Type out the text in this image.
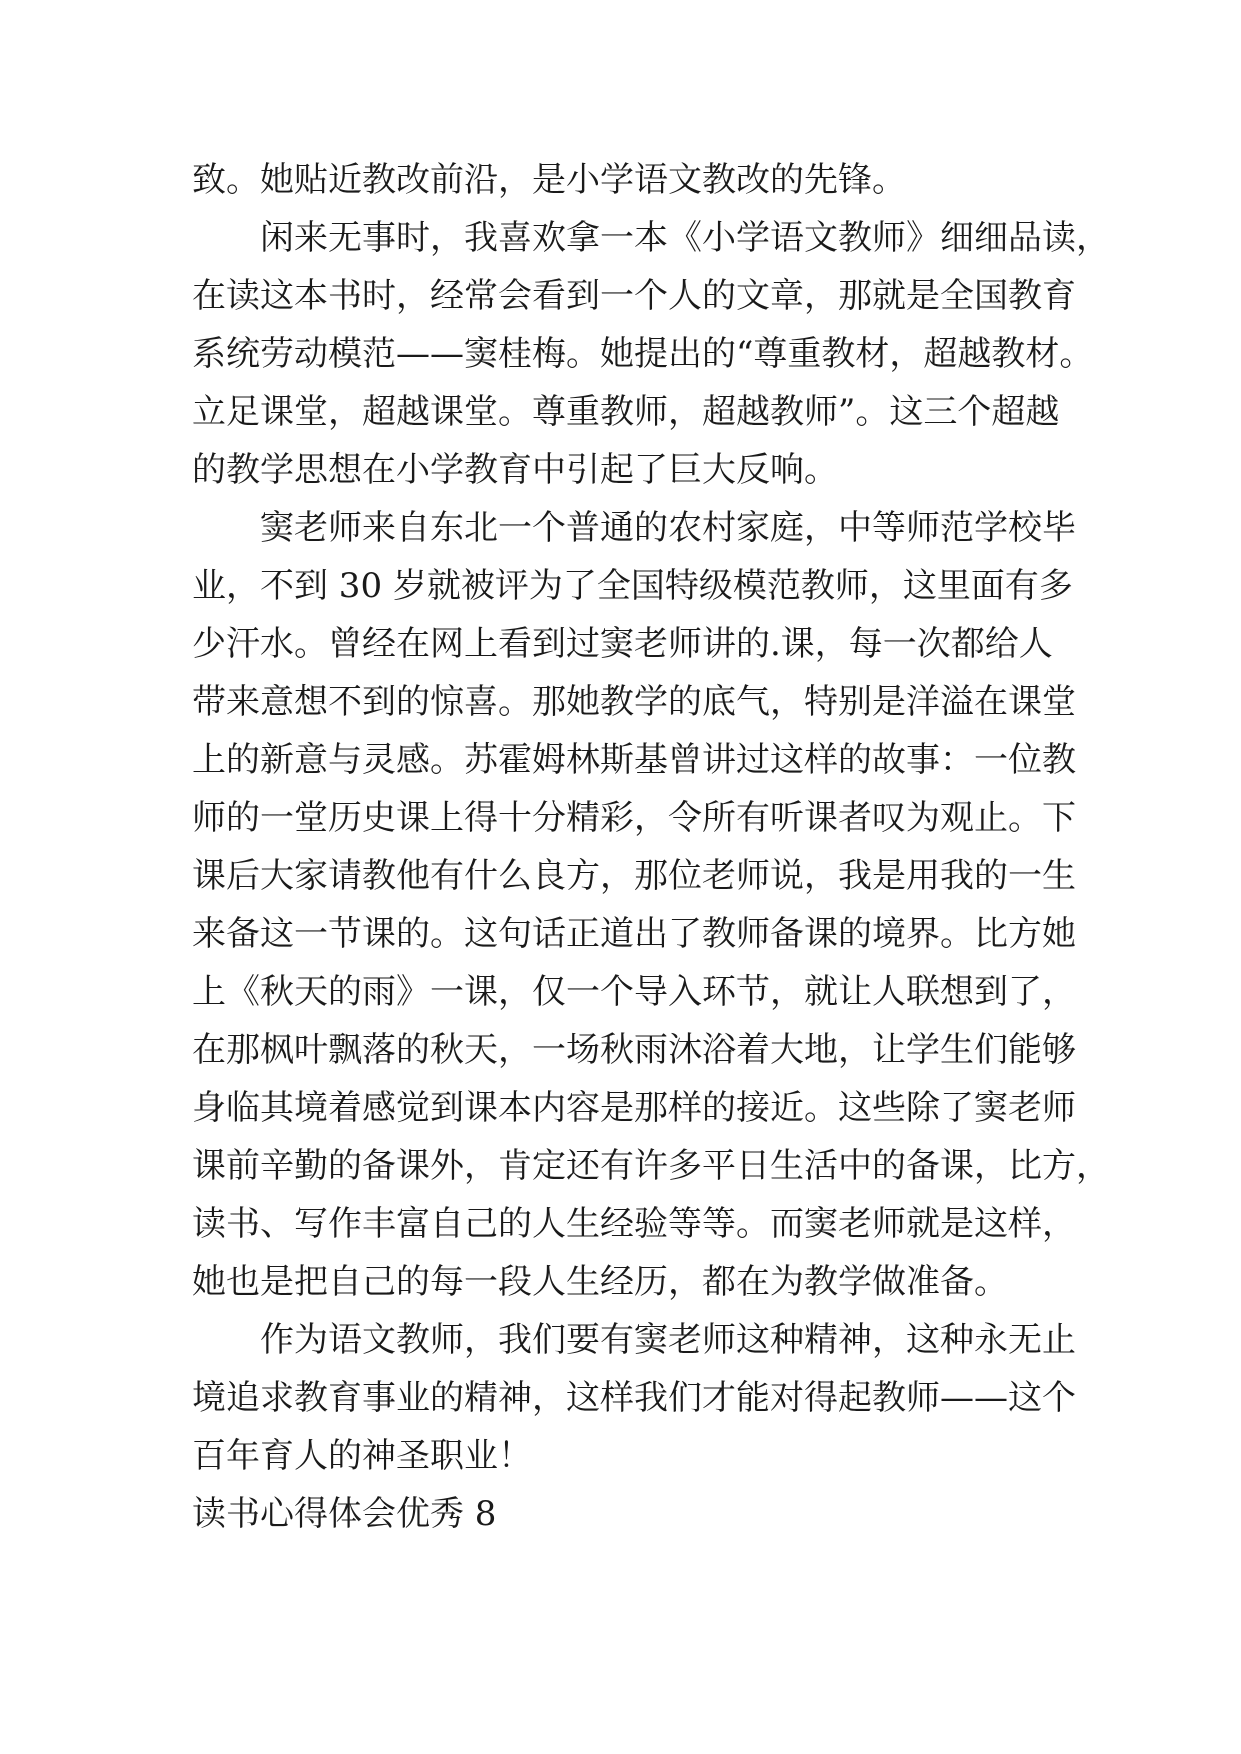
致。她贴近教改前沿，是小学语文教改的先锋。
闲来无事时，我喜欢拿一本《小学语文教师》细细品读，
在读这本书时，经常会看到一个人的文章，那就是全国教育
系统劳动模范——窦桂梅。她提出的“尊重教材，超越教材。
立足课堂，超越课堂。尊重教师，超越教师”。这三个超越
的教学思想在小学教育中引起了巨大反响。
窦老师来自东北一个普通的农村家庭，中等师范学校毕
业，不到 30 岁就被评为了全国特级模范教师，这里面有多
少汗水。曾经在网上看到过窦老师讲的.课，每一次都给人
带来意想不到的惊喜。那她教学的底气，特别是洋溢在课堂
上的新意与灵感。苏霍姆林斯基曾讲过这样的故事：一位教
师的一堂历史课上得十分精彩，令所有听课者叹为观止。下
课后大家请教他有什么良方，那位老师说，我是用我的一生
来备这一节课的。这句话正道出了教师备课的境界。比方她
上《秋天的雨》一课，仅一个导入环节，就让人联想到了，
在那枫叶飘落的秋天，一场秋雨沐浴着大地，让学生们能够
身临其境着感觉到课本内容是那样的接近。这些除了窦老师
课前辛勤的备课外，肯定还有许多平日生活中的备课，比方，
读书、写作丰富自己的人生经验等等。而窦老师就是这样，
她也是把自己的每一段人生经历，都在为教学做准备。
作为语文教师，我们要有窦老师这种精神，这种永无止
境追求教育事业的精神，这样我们才能对得起教师——这个
百年育人的神圣职业！
读书心得体会优秀 8
